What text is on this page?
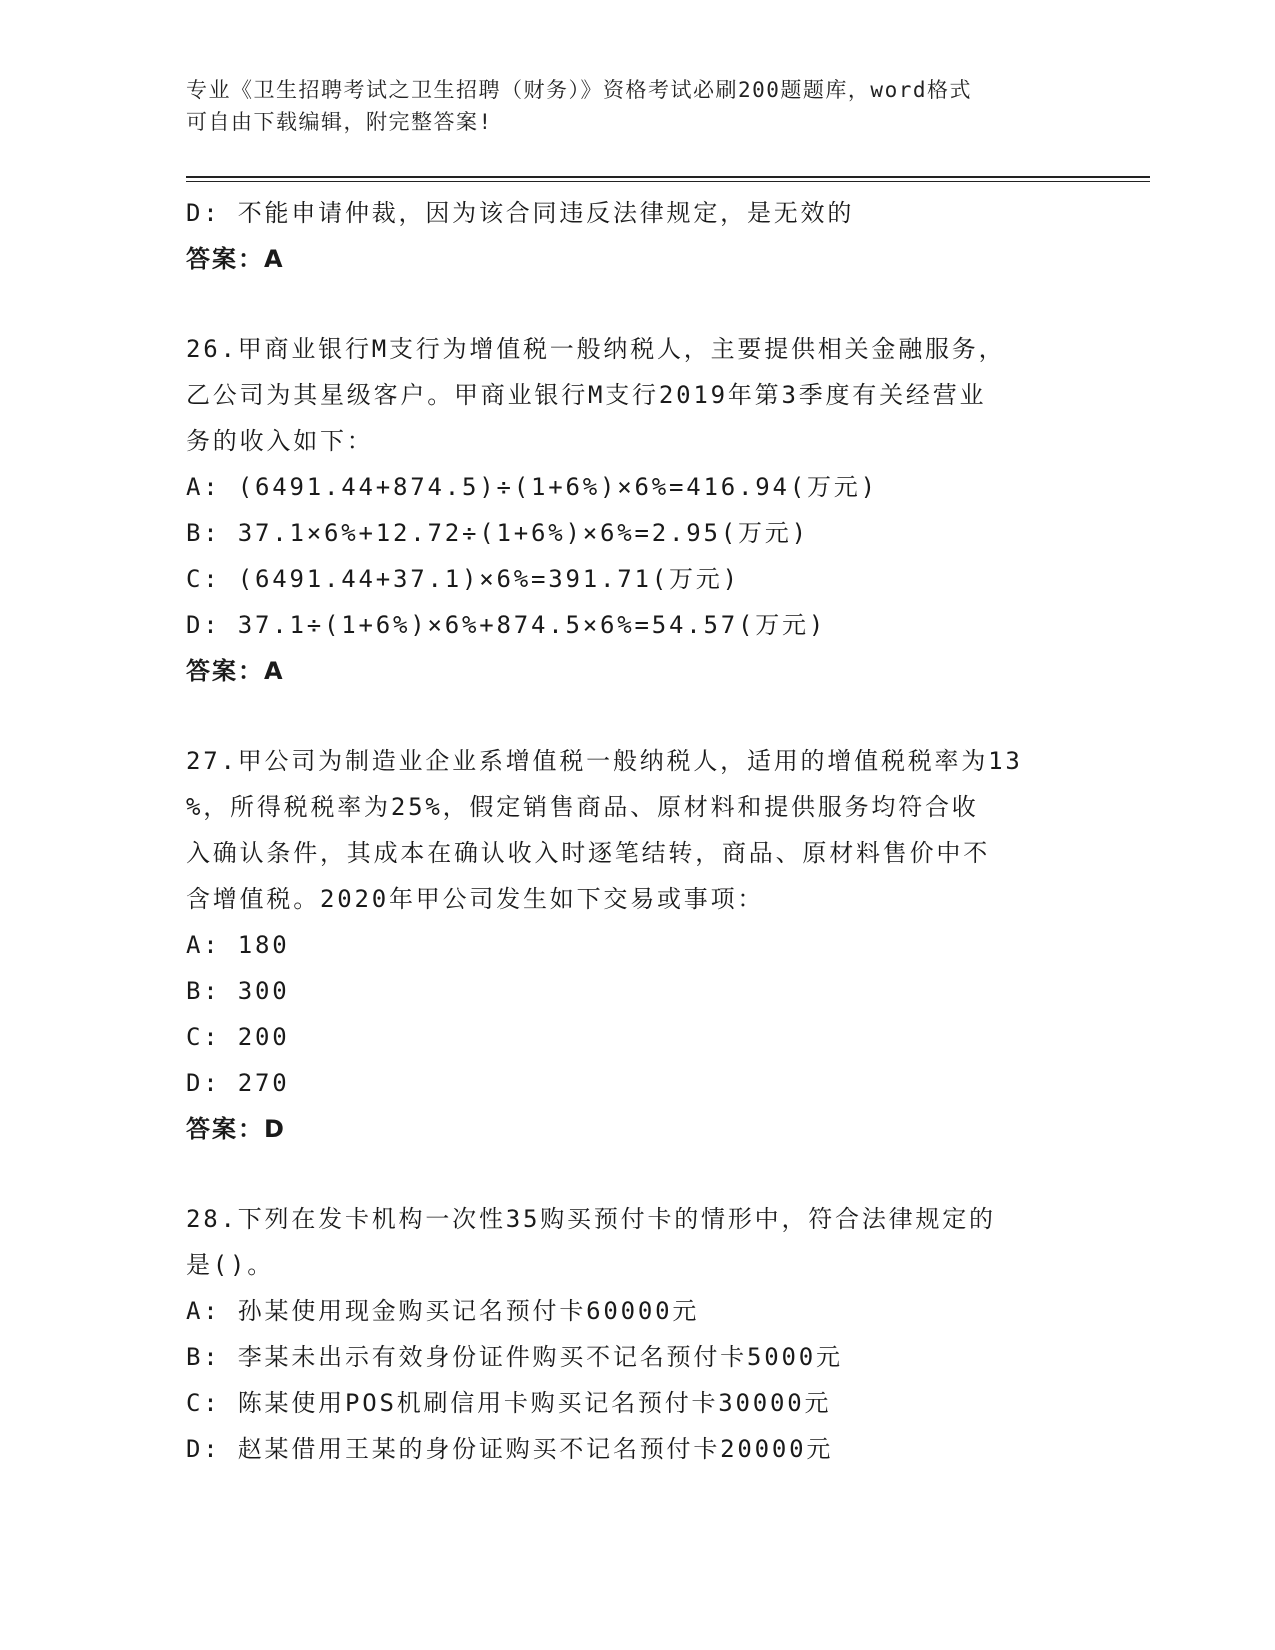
专业《卫生招聘考试之卫生招聘（财务）》资格考试必刷200题题库，word格式
可自由下载编辑，附完整答案!
D: 不能申请仲裁，因为该合同违反法律规定，是无效的
答案：A
26.甲商业银行M支行为增值税一般纳税人，主要提供相关金融服务，
乙公司为其星级客户。甲商业银行M支行2019年第3季度有关经营业
务的收入如下：
A: (6491.44+874.5)÷(1+6%)×6%=416.94(万元)
B: 37.1×6%+12.72÷(1+6%)×6%=2.95(万元)
C: (6491.44+37.1)×6%=391.71(万元)
D: 37.1÷(1+6%)×6%+874.5×6%=54.57(万元)
答案：A
27.甲公司为制造业企业系增值税一般纳税人，适用的增值税税率为13
%，所得税税率为25%，假定销售商品、原材料和提供服务均符合收
入确认条件，其成本在确认收入时逐笔结转，商品、原材料售价中不
含增值税。2020年甲公司发生如下交易或事项：
A: 180
B: 300
C: 200
D: 270
答案：D
28.下列在发卡机构一次性35购买预付卡的情形中，符合法律规定的
是()。
A: 孙某使用现金购买记名预付卡60000元
B: 李某未出示有效身份证件购买不记名预付卡5000元
C: 陈某使用POS机刷信用卡购买记名预付卡30000元
D: 赵某借用王某的身份证购买不记名预付卡20000元
